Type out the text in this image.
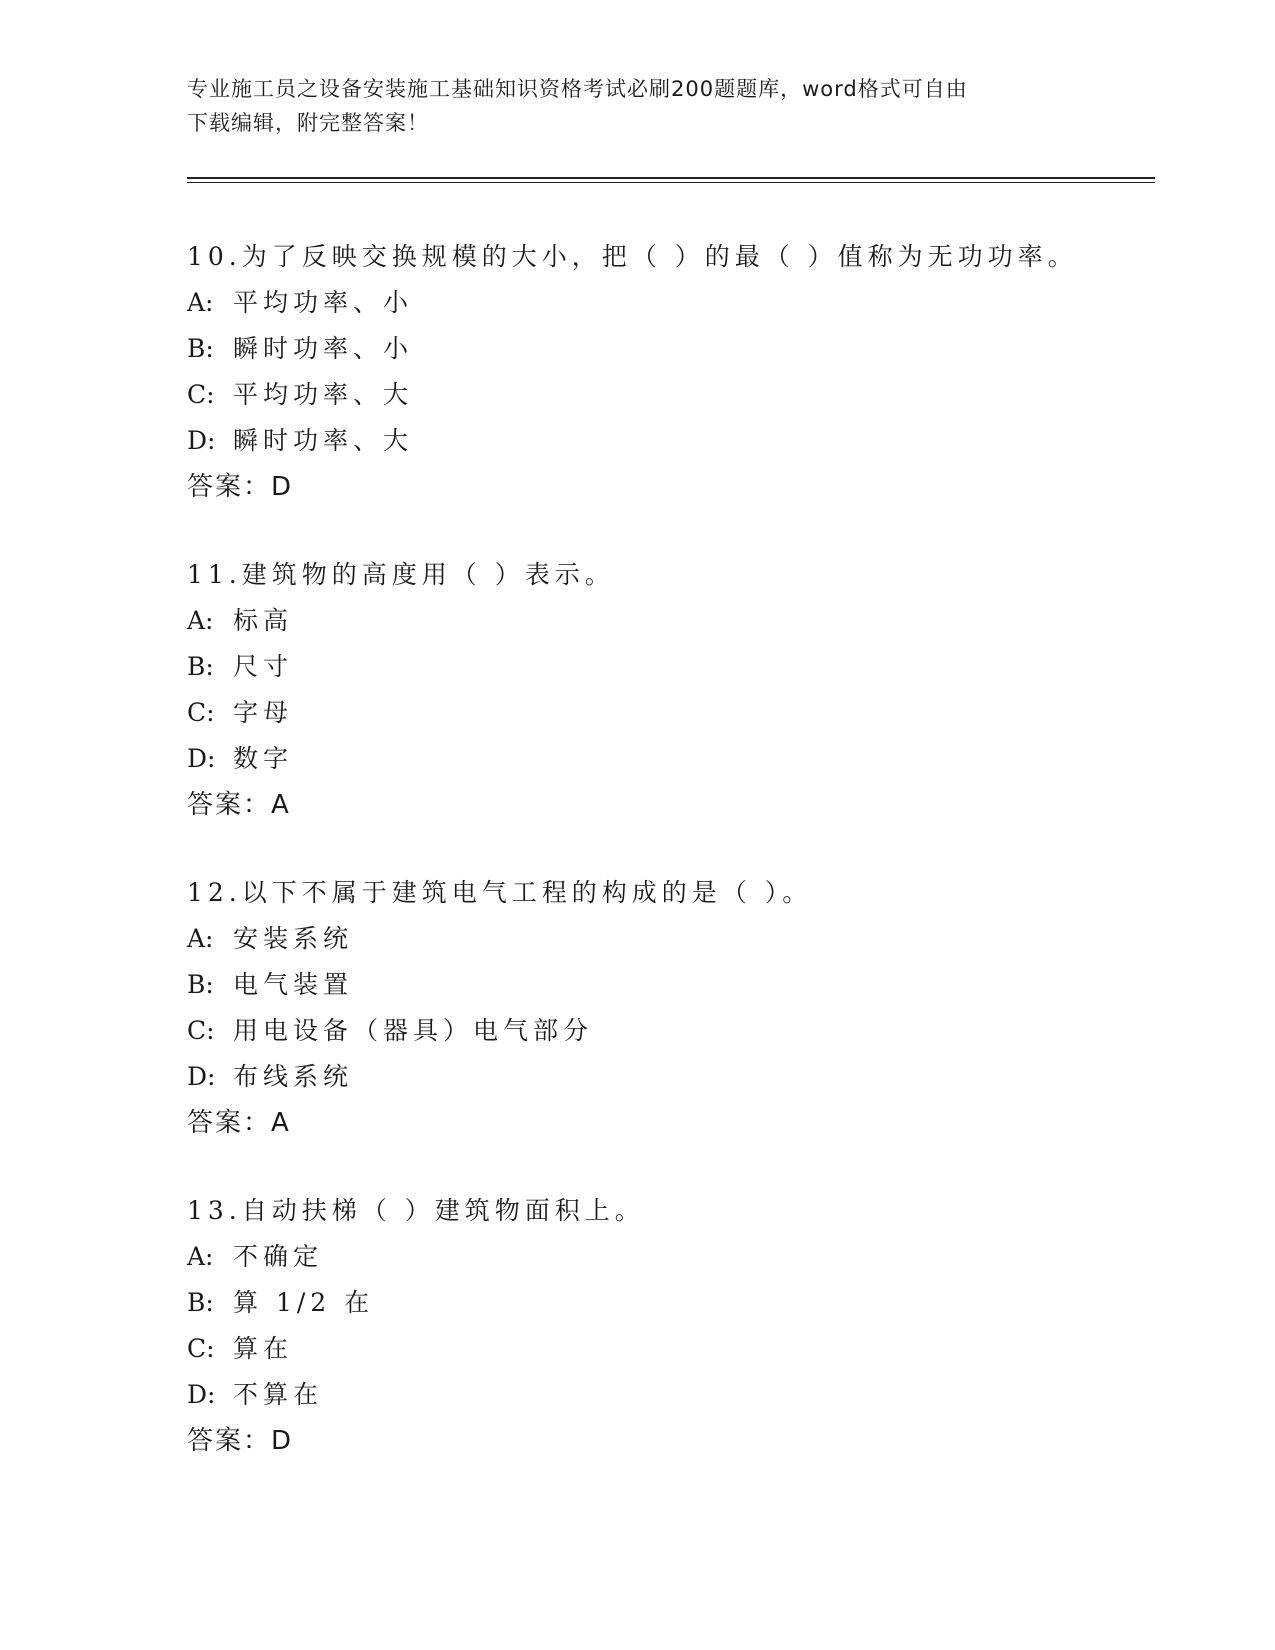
专业施工员之设备安装施工基础知识资格考试必刷200题题库，word格式可自由
下载编辑，附完整答案！
10.为了反映交换规模的大小，把（ ）的最（ ）值称为无功功率。
A: 平均功率、小
B: 瞬时功率、小
C: 平均功率、大
D: 瞬时功率、大
答案：D
11.建筑物的高度用（ ）表示。
A: 标高
B: 尺寸
C: 字母
D: 数字
答案：A
12.以下不属于建筑电气工程的构成的是（ ）。
A: 安装系统
B: 电气装置
C: 用电设备（器具）电气部分
D: 布线系统
答案：A
13.自动扶梯（ ）建筑物面积上。
A: 不确定
B: 算 1/2 在
C: 算在
D: 不算在
答案：D
